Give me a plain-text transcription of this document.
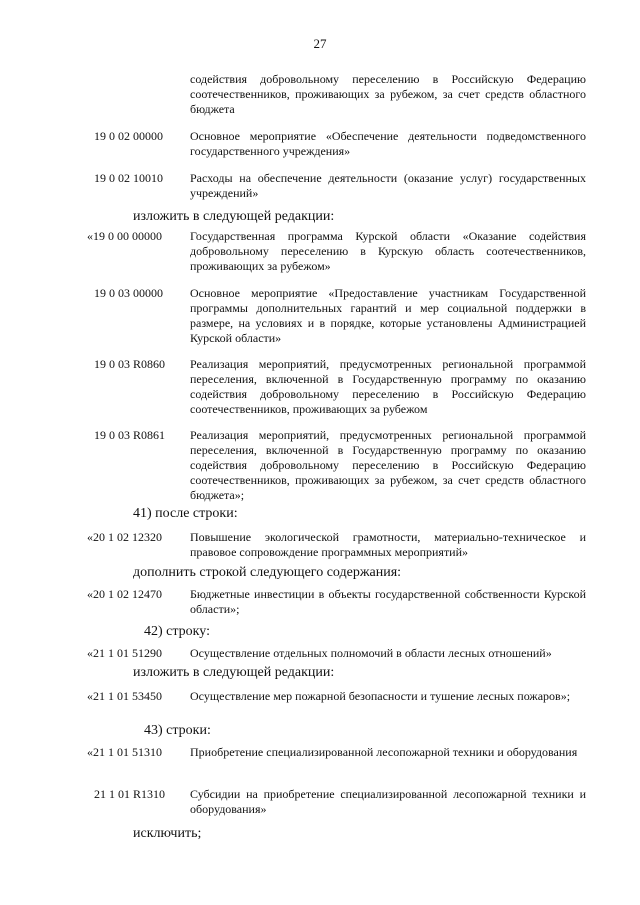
27
содействия добровольному переселению в Российскую Федерацию соотечественников, проживающих за рубежом, за счет средств областного бюджета
19 0 02 00000	Основное мероприятие «Обеспечение деятельности подведомственного государственного учреждения»
19 0 02 10010	Расходы на обеспечение деятельности (оказание услуг) государственных учреждений»
изложить в следующей редакции:
«19 0 00 00000	Государственная программа Курской области «Оказание содействия добровольному переселению в Курскую область соотечественников, проживающих за рубежом»
19 0 03 00000	Основное мероприятие «Предоставление участникам Государственной программы дополнительных гарантий и мер социальной поддержки в размере, на условиях и в порядке, которые установлены Администрацией Курской области»
19 0 03 R0860	Реализация мероприятий, предусмотренных региональной программой переселения, включенной в Государственную программу по оказанию содействия добровольному переселению в Российскую Федерацию соотечественников, проживающих за рубежом
19 0 03 R0861	Реализация мероприятий, предусмотренных региональной программой переселения, включенной в Государственную программу по оказанию содействия добровольному переселению в Российскую Федерацию соотечественников, проживающих за рубежом, за счет средств областного бюджета»;
41) после строки:
«20 1 02 12320	Повышение экологической грамотности, материально-техническое и правовое сопровождение программных мероприятий»
дополнить строкой следующего содержания:
«20 1 02 12470	Бюджетные инвестиции в объекты государственной собственности Курской области»;
42) строку:
«21 1 01 51290	Осуществление отдельных полномочий в области лесных отношений»
изложить в следующей редакции:
«21 1 01 53450	Осуществление мер пожарной безопасности и тушение лесных пожаров»;
43) строки:
«21 1 01 51310	Приобретение специализированной лесопожарной техники и оборудования
21 1 01 R1310	Субсидии на приобретение специализированной лесопожарной техники и оборудования»
исключить;
